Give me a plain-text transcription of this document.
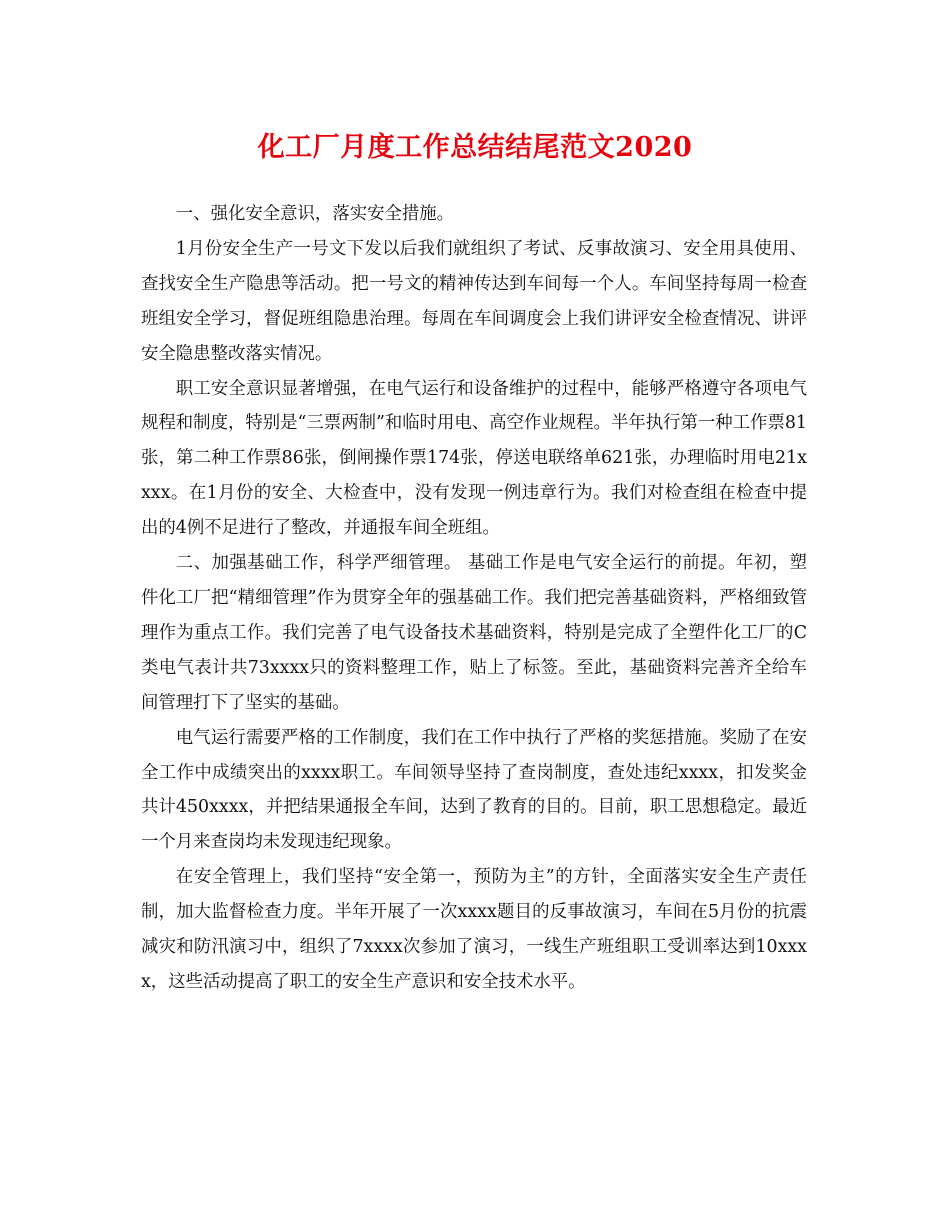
化工厂月度工作总结结尾范文2020

一、强化安全意识，落实安全措施。

1月份安全生产一号文下发以后我们就组织了考试、反事故演习、安全用具使用、查找安全生产隐患等活动。把一号文的精神传达到车间每一个人。车间坚持每周一检查班组安全学习，督促班组隐患治理。每周在车间调度会上我们讲评安全检查情况、讲评安全隐患整改落实情况。

职工安全意识显著增强，在电气运行和设备维护的过程中，能够严格遵守各项电气规程和制度，特别是“三票两制”和临时用电、高空作业规程。半年执行第一种工作票81张，第二种工作票86张，倒闸操作票174张，停送电联络单621张，办理临时用电21xxxx。在1月份的安全、大检查中，没有发现一例违章行为。我们对检查组在检查中提出的4例不足进行了整改，并通报车间全班组。

二、加强基础工作，科学严细管理。 基础工作是电气安全运行的前提。年初，塑件化工厂把“精细管理”作为贯穿全年的强基础工作。我们把完善基础资料，严格细致管理作为重点工作。我们完善了电气设备技术基础资料，特别是完成了全塑件化工厂的C类电气表计共73xxxx只的资料整理工作，贴上了标签。至此，基础资料完善齐全给车间管理打下了坚实的基础。

电气运行需要严格的工作制度，我们在工作中执行了严格的奖惩措施。奖励了在安全工作中成绩突出的xxxx职工。车间领导坚持了查岗制度，查处违纪xxxx，扣发奖金共计450xxxx，并把结果通报全车间，达到了教育的目的。目前，职工思想稳定。最近一个月来查岗均未发现违纪现象。

在安全管理上，我们坚持“安全第一，预防为主”的方针，全面落实安全生产责任制，加大监督检查力度。半年开展了一次xxxx题目的反事故演习，车间在5月份的抗震减灾和防汛演习中，组织了7xxxx次参加了演习，一线生产班组职工受训率达到10xxxx，这些活动提高了职工的安全生产意识和安全技术水平。
